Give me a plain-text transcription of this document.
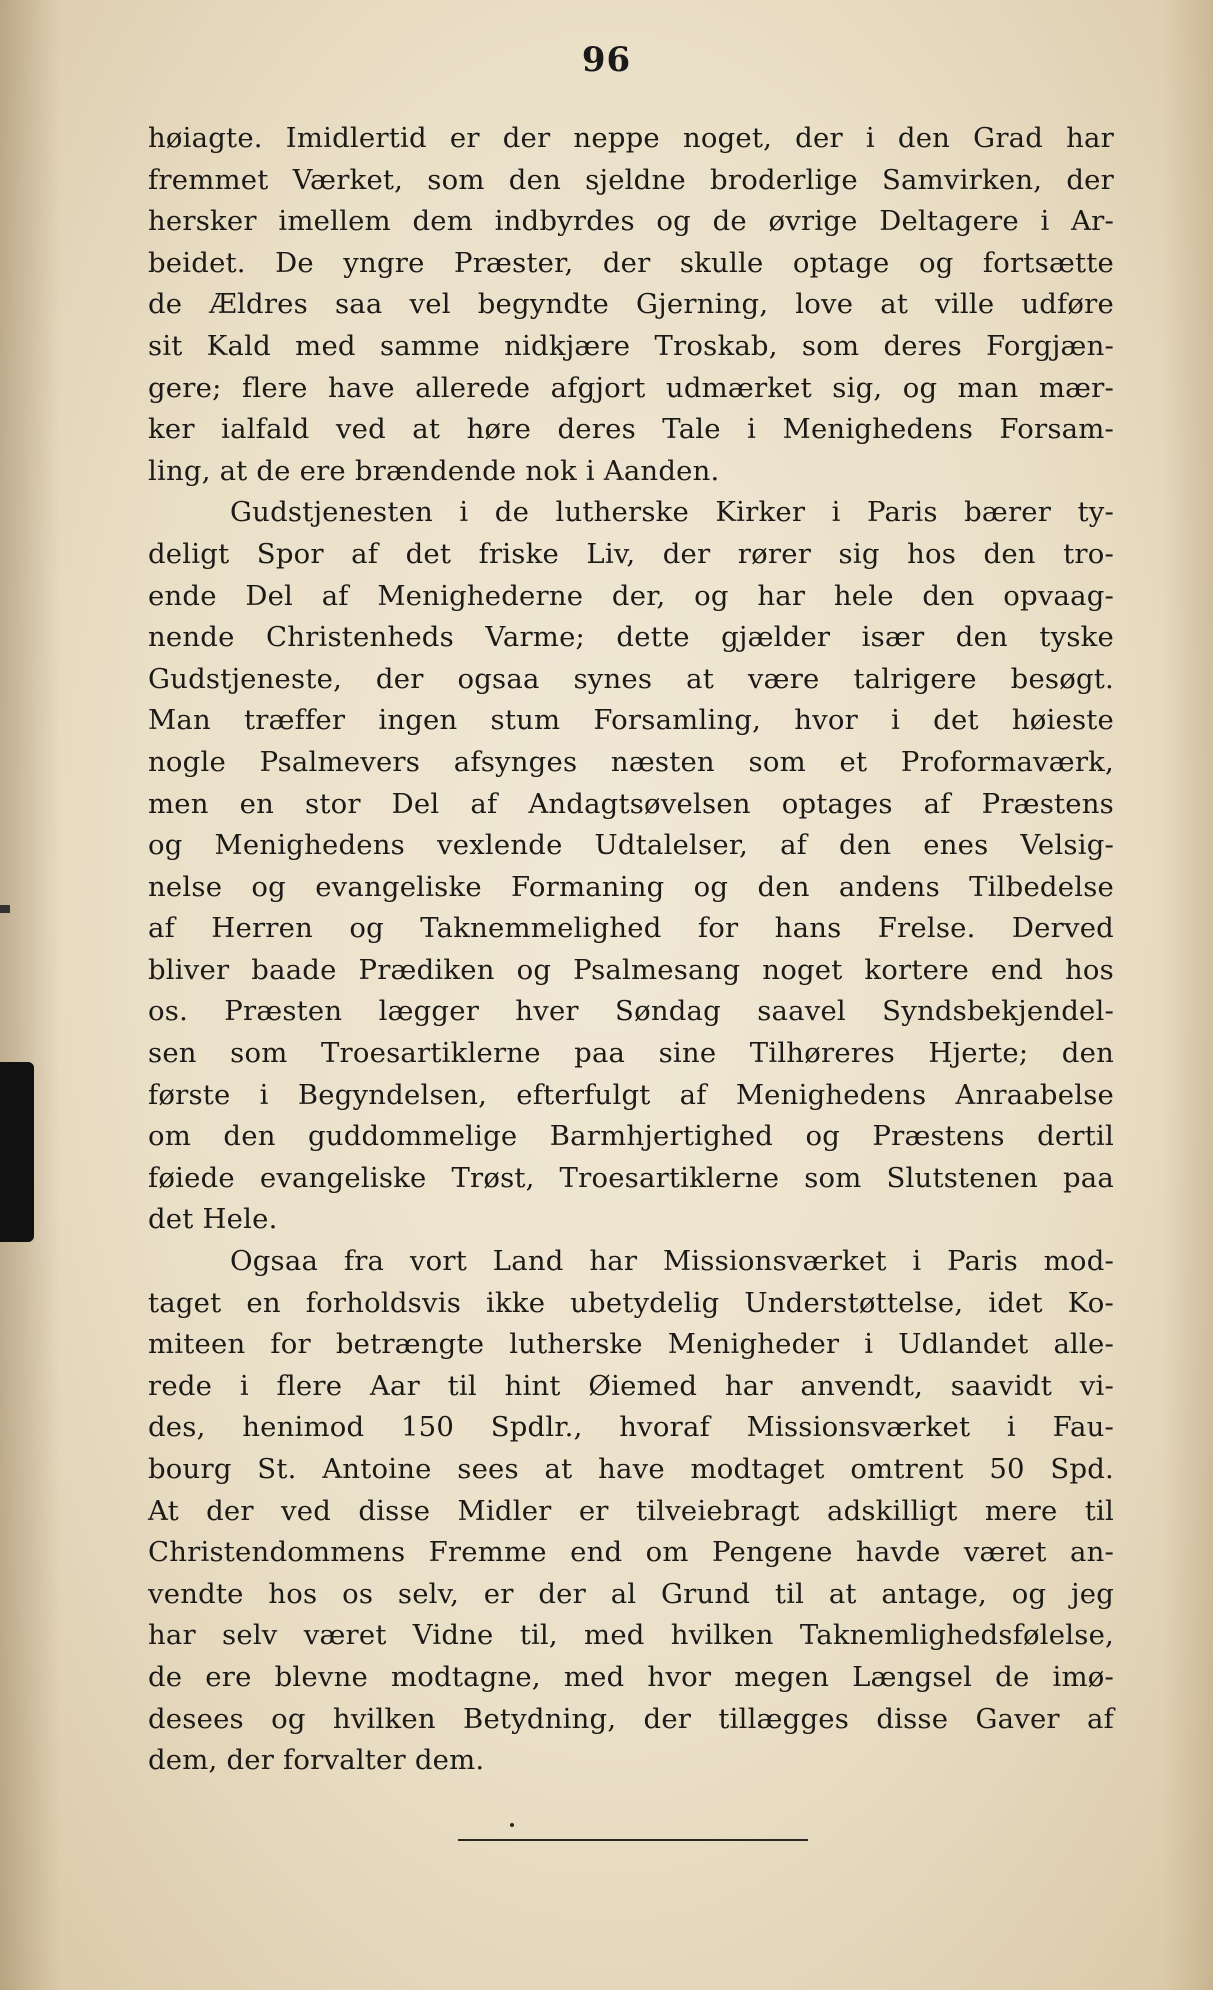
96
høiagte. Imidlertid er der neppe noget, der i den Grad har
fremmet Værket, som den sjeldne broderlige Samvirken, der
hersker imellem dem indbyrdes og de øvrige Deltagere i Ar-
beidet. De yngre Præster, der skulle optage og fortsætte
de Ældres saa vel begyndte Gjerning, love at ville udføre
sit Kald med samme nidkjære Troskab, som deres Forgjæn-
gere; flere have allerede afgjort udmærket sig, og man mær-
ker ialfald ved at høre deres Tale i Menighedens Forsam-
ling, at de ere brændende nok i Aanden.
Gudstjenesten i de lutherske Kirker i Paris bærer ty-
deligt Spor af det friske Liv, der rører sig hos den tro-
ende Del af Menighederne der, og har hele den opvaag-
nende Christenheds Varme; dette gjælder især den tyske
Gudstjeneste, der ogsaa synes at være talrigere besøgt.
Man træffer ingen stum Forsamling, hvor i det høieste
nogle Psalmevers afsynges næsten som et Proformaværk,
men en stor Del af Andagtsøvelsen optages af Præstens
og Menighedens vexlende Udtalelser, af den enes Velsig-
nelse og evangeliske Formaning og den andens Tilbedelse
af Herren og Taknemmelighed for hans Frelse. Derved
bliver baade Prædiken og Psalmesang noget kortere end hos
os. Præsten lægger hver Søndag saavel Syndsbekjendel-
sen som Troesartiklerne paa sine Tilhøreres Hjerte; den
første i Begyndelsen, efterfulgt af Menighedens Anraabelse
om den guddommelige Barmhjertighed og Præstens dertil
føiede evangeliske Trøst, Troesartiklerne som Slutstenen paa
det Hele.
Ogsaa fra vort Land har Missionsværket i Paris mod-
taget en forholdsvis ikke ubetydelig Understøttelse, idet Ko-
miteen for betrængte lutherske Menigheder i Udlandet alle-
rede i flere Aar til hint Øiemed har anvendt, saavidt vi-
des, henimod 150 Spdlr., hvoraf Missionsværket i Fau-
bourg St. Antoine sees at have modtaget omtrent 50 Spd.
At der ved disse Midler er tilveiebragt adskilligt mere til
Christendommens Fremme end om Pengene havde været an-
vendte hos os selv, er der al Grund til at antage, og jeg
har selv været Vidne til, med hvilken Taknemlighedsfølelse,
de ere blevne modtagne, med hvor megen Længsel de imø-
desees og hvilken Betydning, der tillægges disse Gaver af
dem, der forvalter dem.
